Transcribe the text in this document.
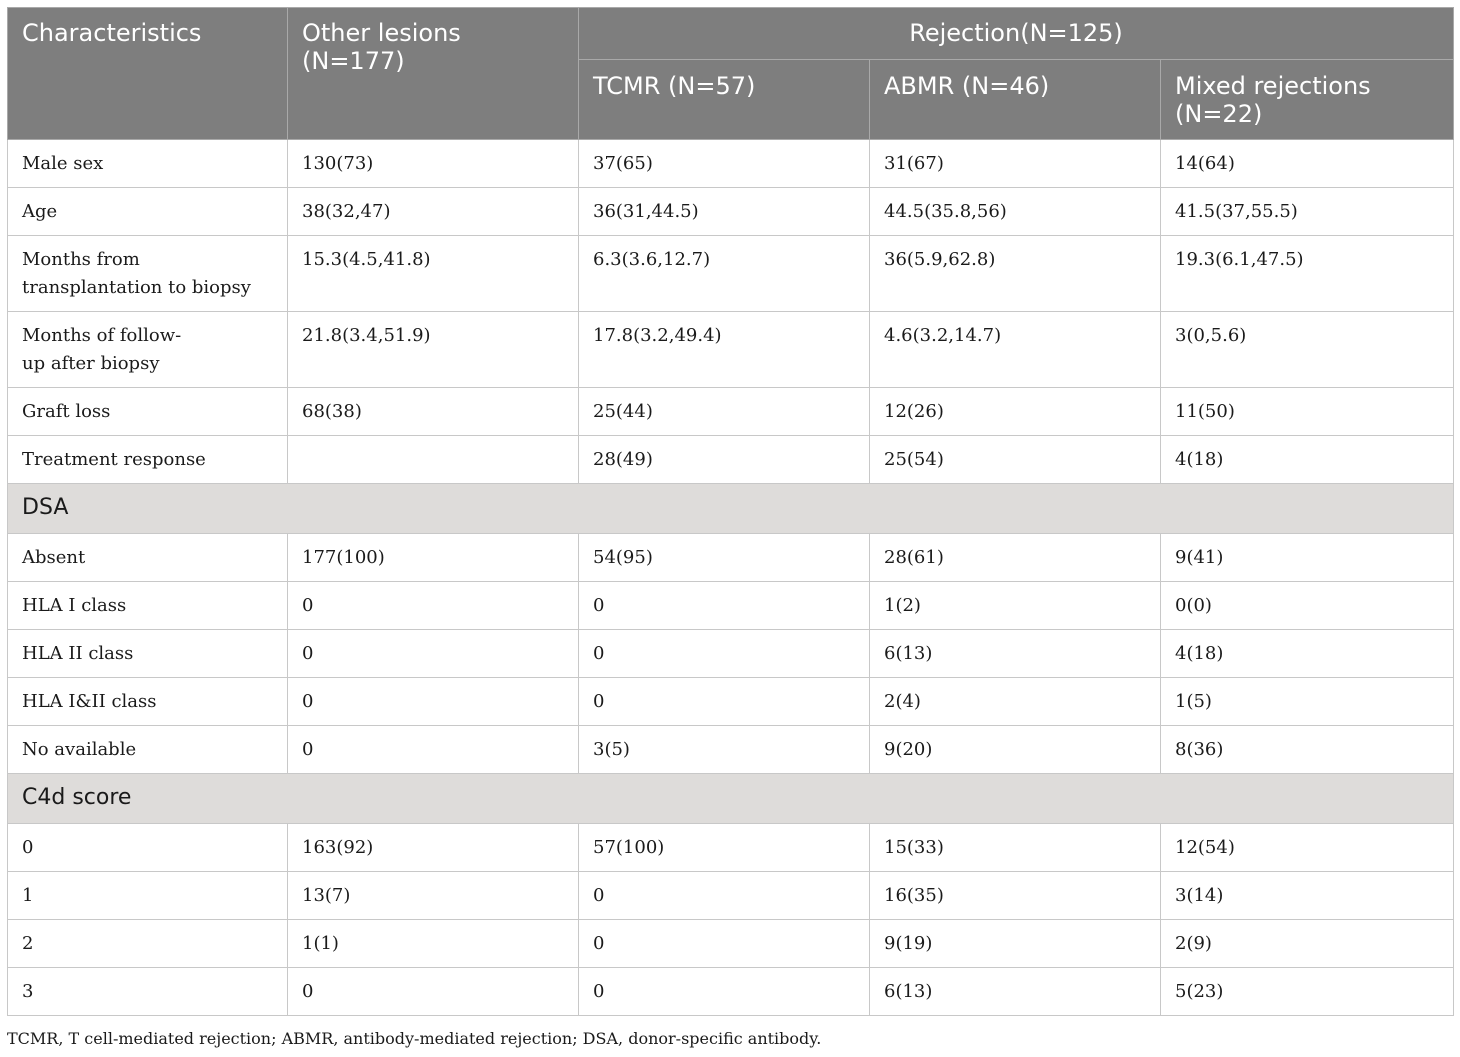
Characteristics	Other lesions (N=177)	Rejection(N=125)		
		TCMR (N=57)	ABMR (N=46)	Mixed rejections (N=22)
Male sex	130(73)	37(65)	31(67)	14(64)
Age	38(32,47)	36(31,44.5)	44.5(35.8,56)	41.5(37,55.5)
Months from transplantation to biopsy	15.3(4.5,41.8)	6.3(3.6,12.7)	36(5.9,62.8)	19.3(6.1,47.5)
Months of follow-up after biopsy	21.8(3.4,51.9)	17.8(3.2,49.4)	4.6(3.2,14.7)	3(0,5.6)
Graft loss	68(38)	25(44)	12(26)	11(50)
Treatment response		28(49)	25(54)	4(18)
DSA				
Absent	177(100)	54(95)	28(61)	9(41)
HLA I class	0	0	1(2)	0(0)
HLA II class	0	0	6(13)	4(18)
HLA I&II class	0	0	2(4)	1(5)
No available	0	3(5)	9(20)	8(36)
C4d score				
0	163(92)	57(100)	15(33)	12(54)
1	13(7)	0	16(35)	3(14)
2	1(1)	0	9(19)	2(9)
3	0	0	6(13)	5(23)
TCMR, T cell-mediated rejection; ABMR, antibody-mediated rejection; DSA, donor-specific antibody.
